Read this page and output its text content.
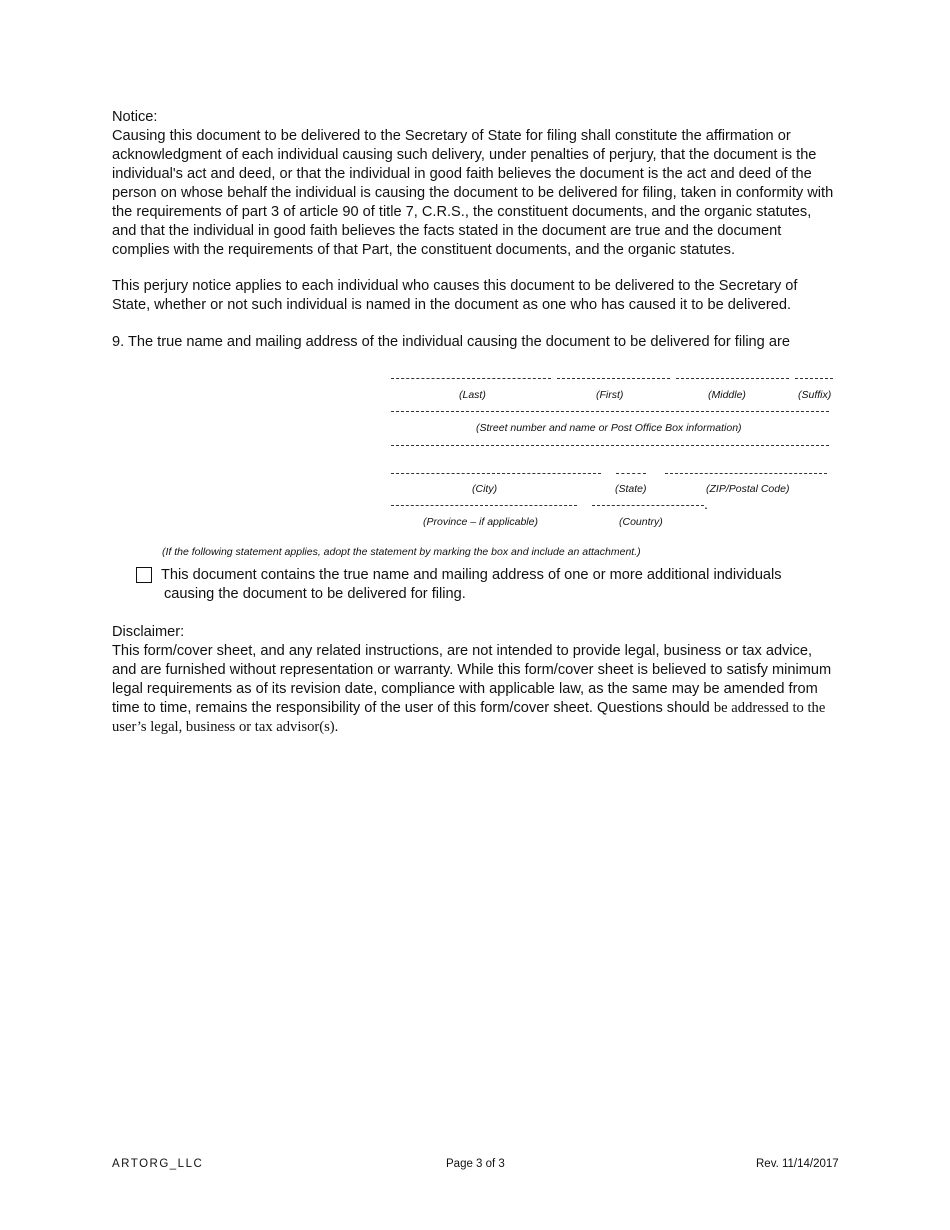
Notice:

Causing this document to be delivered to the Secretary of State for filing shall constitute the affirmation or acknowledgment of each individual causing such delivery, under penalties of perjury, that the document is the individual's act and deed, or that the individual in good faith believes the document is the act and deed of the person on whose behalf the individual is causing the document to be delivered for filing, taken in conformity with the requirements of part 3 of article 90 of title 7, C.R.S., the constituent documents, and the organic statutes, and that the individual in good faith believes the facts stated in the document are true and the document complies with the requirements of that Part, the constituent documents, and the organic statutes.

This perjury notice applies to each individual who causes this document to be delivered to the Secretary of State, whether or not such individual is named in the document as one who has caused it to be delivered.

9. The true name and mailing address of the individual causing the document to be delivered for filing are

(Last)	(First)	(Middle)	(Suffix)
(Street number and name or Post Office Box information)
(City)	(State)	(ZIP/Postal Code)
.
(Province – if applicable)	(Country)
(If the following statement applies, adopt the statement by marking the box and include an attachment.)
This document contains the true name and mailing address of one or more additional individuals
causing the document to be delivered for filing.

Disclaimer:

This form/cover sheet, and any related instructions, are not intended to provide legal, business or tax advice, and are furnished without representation or warranty. While this form/cover sheet is believed to satisfy minimum legal requirements as of its revision date, compliance with applicable law, as the same may be amended from time to time, remains the responsibility of the user of this form/cover sheet. Questions should be addressed to the user’s legal, business or tax advisor(s).

ARTORG_LLC	Page 3 of 3	Rev. 11/14/2017
